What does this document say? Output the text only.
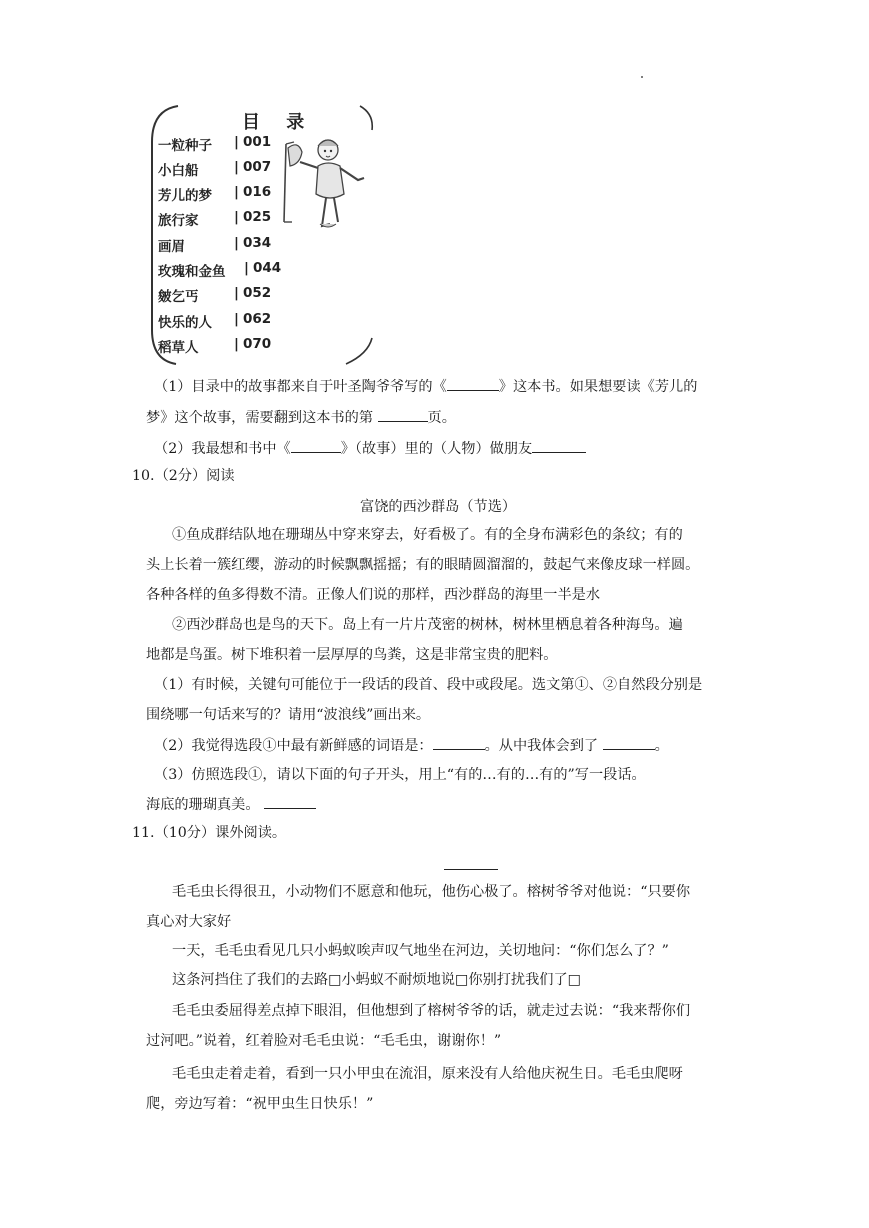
目 录
一粒种子	| 001
小白船	| 007
芳儿的梦	| 016
旅行家	| 025
画眉	| 034
玫瑰和金鱼	| 044
皴乞丐	| 052
快乐的人	| 062
稻草人	| 070
（1）目录中的故事都来自于叶圣陶爷爷写的《	》这本书。如果想要读《芳儿的
梦》这个故事，需要翻到这本书的第	页。
（2）我最想和书中《	》（故事）里的（人物）做朋友
10.（2分）阅读
富饶的西沙群岛（节选）
①鱼成群结队地在珊瑚丛中穿来穿去，好看极了。有的全身布满彩色的条纹；有的
头上长着一簇红缨，游动的时候飘飘摇摇；有的眼睛圆溜溜的，鼓起气来像皮球一样圆。
各种各样的鱼多得数不清。正像人们说的那样，西沙群岛的海里一半是水
②西沙群岛也是鸟的天下。岛上有一片片茂密的树林，树林里栖息着各种海鸟。遍
地都是鸟蛋。树下堆积着一层厚厚的鸟粪，这是非常宝贵的肥料。
（1）有时候，关键句可能位于一段话的段首、段中或段尾。选文第①、②自然段分别是
围绕哪一句话来写的？请用“波浪线”画出来。
（2）我觉得选段①中最有新鲜感的词语是：	。从中我体会到了	。
（3）仿照选段①，请以下面的句子开头，用上“有的…有的…有的”写一段话。
海底的珊瑚真美。
11.（10分）课外阅读。
毛毛虫长得很丑，小动物们不愿意和他玩，他伤心极了。榕树爷爷对他说：“只要你
真心对大家好
一天，毛毛虫看见几只小蚂蚁唉声叹气地坐在河边，关切地问：“你们怎么了？”
这条河挡住了我们的去路□小蚂蚁不耐烦地说□你别打扰我们了□
毛毛虫委屈得差点掉下眼泪，但他想到了榕树爷爷的话，就走过去说：“我来帮你们
过河吧。”说着，红着脸对毛毛虫说：“毛毛虫，谢谢你！”
毛毛虫走着走着，看到一只小甲虫在流泪，原来没有人给他庆祝生日。毛毛虫爬呀
爬，旁边写着：“祝甲虫生日快乐！”
